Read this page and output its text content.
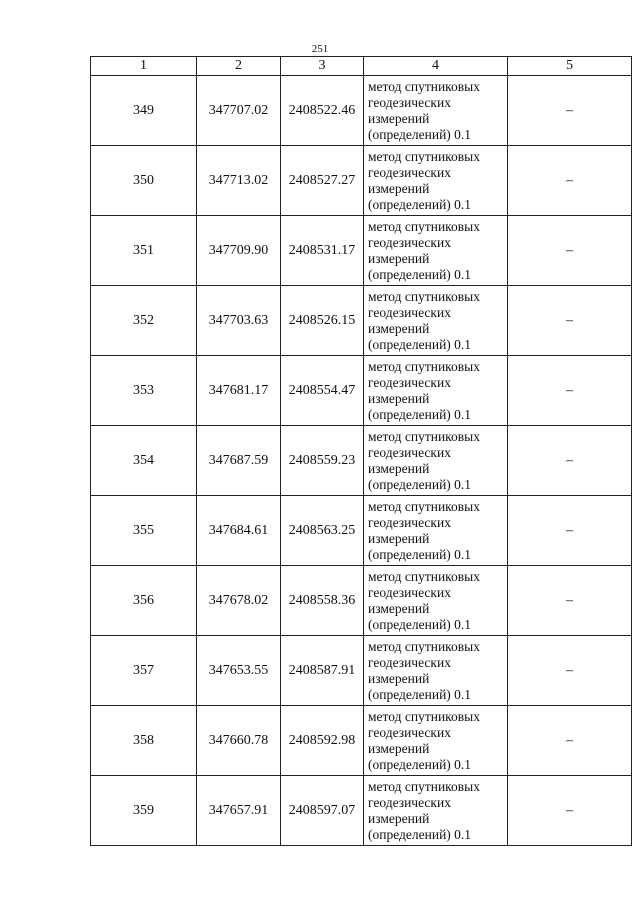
251
1	2	3	4	5
349	347707.02	2408522.46	метод спутниковых
геодезических
измерений
(определений) 0.1	–
350	347713.02	2408527.27	метод спутниковых
геодезических
измерений
(определений) 0.1	–
351	347709.90	2408531.17	метод спутниковых
геодезических
измерений
(определений) 0.1	–
352	347703.63	2408526.15	метод спутниковых
геодезических
измерений
(определений) 0.1	–
353	347681.17	2408554.47	метод спутниковых
геодезических
измерений
(определений) 0.1	–
354	347687.59	2408559.23	метод спутниковых
геодезических
измерений
(определений) 0.1	–
355	347684.61	2408563.25	метод спутниковых
геодезических
измерений
(определений) 0.1	–
356	347678.02	2408558.36	метод спутниковых
геодезических
измерений
(определений) 0.1	–
357	347653.55	2408587.91	метод спутниковых
геодезических
измерений
(определений) 0.1	–
358	347660.78	2408592.98	метод спутниковых
геодезических
измерений
(определений) 0.1	–
359	347657.91	2408597.07	метод спутниковых
геодезических
измерений
(определений) 0.1	–
